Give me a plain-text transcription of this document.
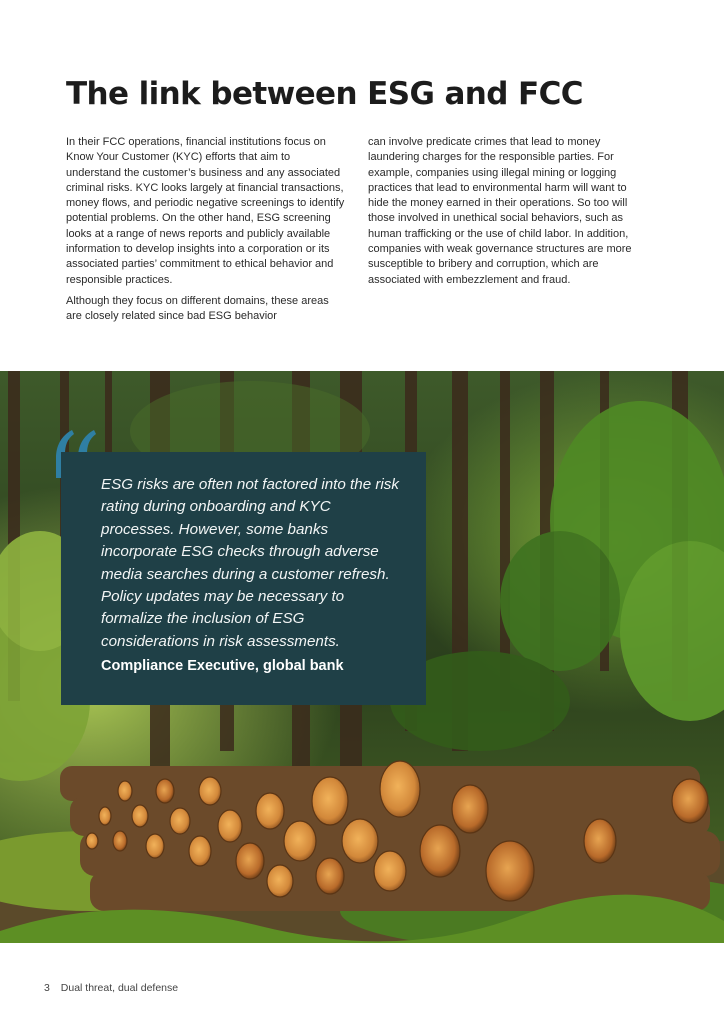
The link between ESG and FCC

In their FCC operations, financial institutions focus on Know Your Customer (KYC) efforts that aim to understand the customer’s business and any associated criminal risks. KYC looks largely at financial transactions, money flows, and periodic negative screenings to identify potential problems. On the other hand, ESG screening looks at a range of news reports and publicly available information to develop insights into a corporation or its associated parties’ commitment to ethical behavior and responsible practices.

Although they focus on different domains, these areas are closely related since bad ESG behavior

can involve predicate crimes that lead to money laundering charges for the responsible parties. For example, companies using illegal mining or logging practices that lead to environmental harm will want to hide the money earned in their operations. So too will those involved in unethical social behaviors, such as human trafficking or the use of child labor. In addition, companies with weak governance structures are more susceptible to bribery and corruption, which are associated with embezzlement and fraud.

ESG risks are often not factored into the risk rating during onboarding and KYC processes. However, some banks incorporate ESG checks through adverse media searches during a customer refresh. Policy updates may be necessary to formalize the inclusion of ESG considerations in risk assessments.

Compliance Executive, global bank

3 Dual threat, dual defense
